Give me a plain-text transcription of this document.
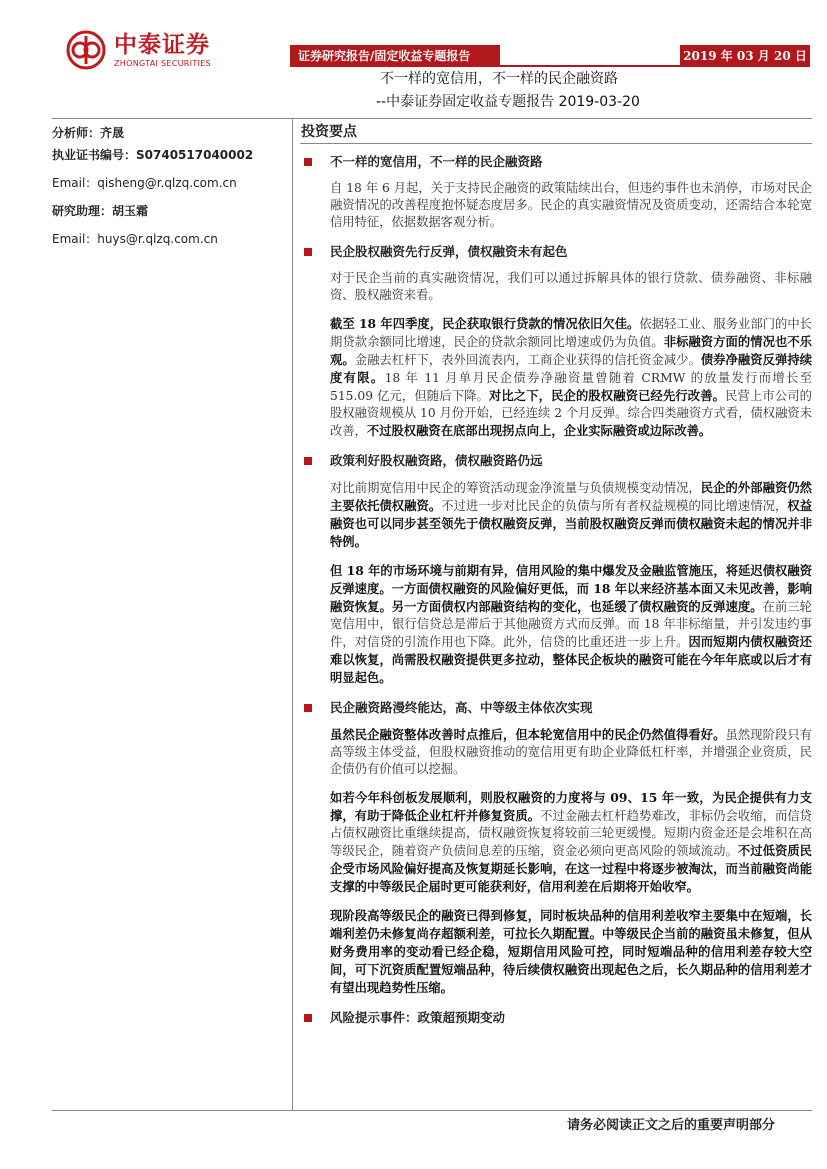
中泰证券
ZHONGTAI SECURITIES	证券研究报告/固定收益专题报告	2019 年 03 月 20 日
不一样的宽信用，不一样的民企融资路
--中泰证券固定收益专题报告 2019-03-20
分析师：齐晟
执业证书编号：S0740517040002
Email：qisheng@r.qlzq.com.cn
研究助理：胡玉霜
Email：huys@r.qlzq.com.cn
投资要点
不一样的宽信用，不一样的民企融资路

自 18 年 6 月起，关于支持民企融资的政策陆续出台，但违约事件也未消停，市场对民企融资情况的改善程度抱怀疑态度居多。民企的真实融资情况及资质变动，还需结合本轮宽信用特征，依据数据客观分析。

民企股权融资先行反弹，债权融资未有起色

对于民企当前的真实融资情况，我们可以通过拆解具体的银行贷款、债券融资、非标融资、股权融资来看。

截至 18 年四季度，民企获取银行贷款的情况依旧欠佳。依据轻工业、服务业部门的中长期贷款余额同比增速，民企的贷款余额同比增速或仍为负值。非标融资方面的情况也不乐观。金融去杠杆下，表外回流表内，工商企业获得的信托资金减少。债券净融资反弹持续度有限。18 年 11 月单月民企债券净融资量曾随着 CRMW 的放量发行而增长至 515.09 亿元，但随后下降。对比之下，民企的股权融资已经先行改善。民营上市公司的股权融资规模从 10 月份开始，已经连续 2 个月反弹。综合四类融资方式看，债权融资未改善，不过股权融资在底部出现拐点向上，企业实际融资或边际改善。

政策利好股权融资路，债权融资路仍远

对比前期宽信用中民企的筹资活动现金净流量与负债规模变动情况，民企的外部融资仍然主要依托债权融资。不过进一步对比民企的负债与所有者权益规模的同比增速情况，权益融资也可以同步甚至领先于债权融资反弹，当前股权融资反弹而债权融资未起的情况并非特例。

但 18 年的市场环境与前期有异，信用风险的集中爆发及金融监管施压，将延迟债权融资反弹速度。一方面债权融资的风险偏好更低，而 18 年以来经济基本面又未见改善，影响融资恢复。另一方面债权内部融资结构的变化，也延缓了债权融资的反弹速度。在前三轮宽信用中，银行信贷总是滞后于其他融资方式而反弹。而 18 年非标缩量，并引发违约事件，对信贷的引流作用也下降。此外，信贷的比重还进一步上升。因而短期内债权融资还难以恢复，尚需股权融资提供更多拉动，整体民企板块的融资可能在今年年底或以后才有明显起色。

民企融资路漫终能达，高、中等级主体依次实现

虽然民企融资整体改善时点推后，但本轮宽信用中的民企仍然值得看好。虽然现阶段只有高等级主体受益，但股权融资推动的宽信用更有助企业降低杠杆率，并增强企业资质，民企债仍有价值可以挖掘。

如若今年科创板发展顺利，则股权融资的力度将与 09、15 年一致，为民企提供有力支撑，有助于降低企业杠杆并修复资质。不过金融去杠杆趋势难改，非标仍会收缩，而信贷占债权融资比重继续提高，债权融资恢复将较前三轮更缓慢。短期内资金还是会堆积在高等级民企，随着资产负债间息差的压缩，资金必须向更高风险的领域流动。不过低资质民企受市场风险偏好提高及恢复期延长影响，在这一过程中将逐步被淘汰，而当前融资尚能支撑的中等级民企届时更可能获利好，信用利差在后期将开始收窄。

现阶段高等级民企的融资已得到修复，同时板块品种的信用利差收窄主要集中在短端，长端利差仍未修复尚存超额利差，可拉长久期配置。中等级民企当前的融资虽未修复，但从财务费用率的变动看已经企稳，短期信用风险可控，同时短端品种的信用利差存较大空间，可下沉资质配置短端品种，待后续债权融资出现起色之后，长久期品种的信用利差才有望出现趋势性压缩。

风险提示事件：政策超预期变动
请务必阅读正文之后的重要声明部分
